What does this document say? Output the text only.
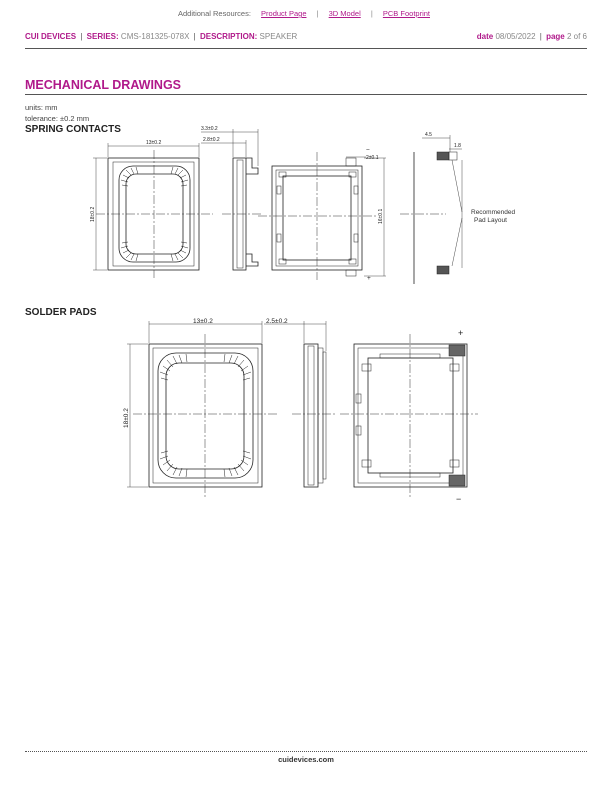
Additional Resources: Product Page | 3D Model | PCB Footprint
CUI DEVICES | SERIES: CMS-181325-078X | DESCRIPTION: SPEAKER	date 08/05/2022 | page 2 of 6
MECHANICAL DRAWINGS
units: mm
tolerance: ±0.2 mm
SPRING CONTACTS
SOLDER PADS
13±0.2
18±0.2
3.3±0.2
2.8±0.2
16±0.1
2±0.1
−
+
4.5
1.8
Recommended
Pad Layout
13±0.2
18±0.2
2.5±0.2
+
−
cuidevices.com
